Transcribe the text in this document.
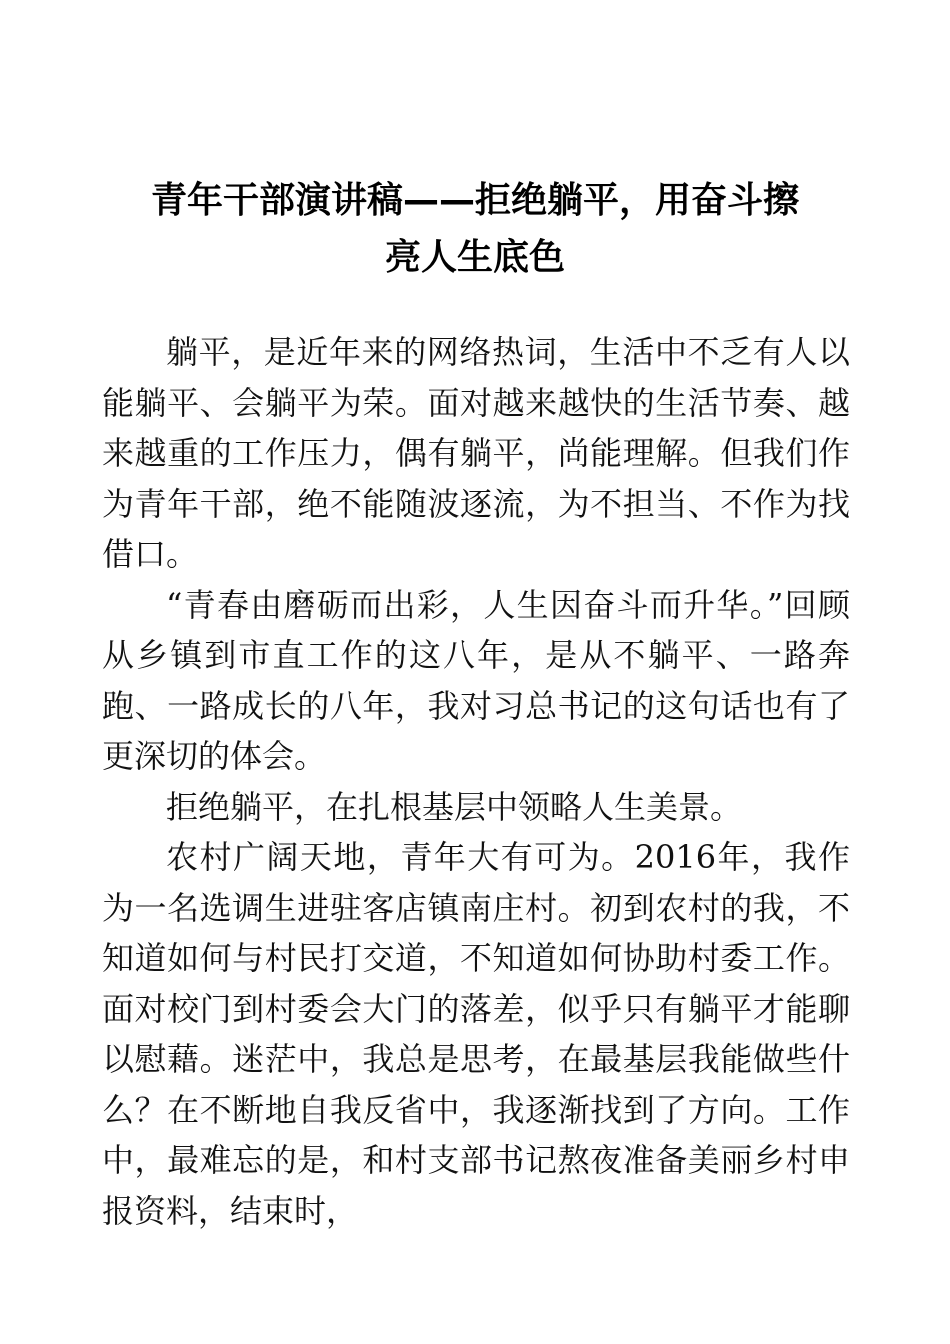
青年干部演讲稿——拒绝躺平，用奋斗擦
亮人生底色

躺平，是近年来的网络热词，生活中不乏有人以能躺平、会躺平为荣。面对越来越快的生活节奏、越来越重的工作压力，偶有躺平，尚能理解。但我们作为青年干部，绝不能随波逐流，为不担当、不作为找借口。

“青春由磨砺而出彩，人生因奋斗而升华。”回顾从乡镇到市直工作的这八年，是从不躺平、一路奔跑、一路成长的八年，我对习总书记的这句话也有了更深切的体会。

拒绝躺平，在扎根基层中领略人生美景。

农村广阔天地，青年大有可为。2016年，我作为一名选调生进驻客店镇南庄村。初到农村的我，不知道如何与村民打交道，不知道如何协助村委工作。面对校门到村委会大门的落差，似乎只有躺平才能聊以慰藉。迷茫中，我总是思考，在最基层我能做些什么？在不断地自我反省中，我逐渐找到了方向。工作中，最难忘的是，和村支部书记熬夜准备美丽乡村申报资料，结束时，
